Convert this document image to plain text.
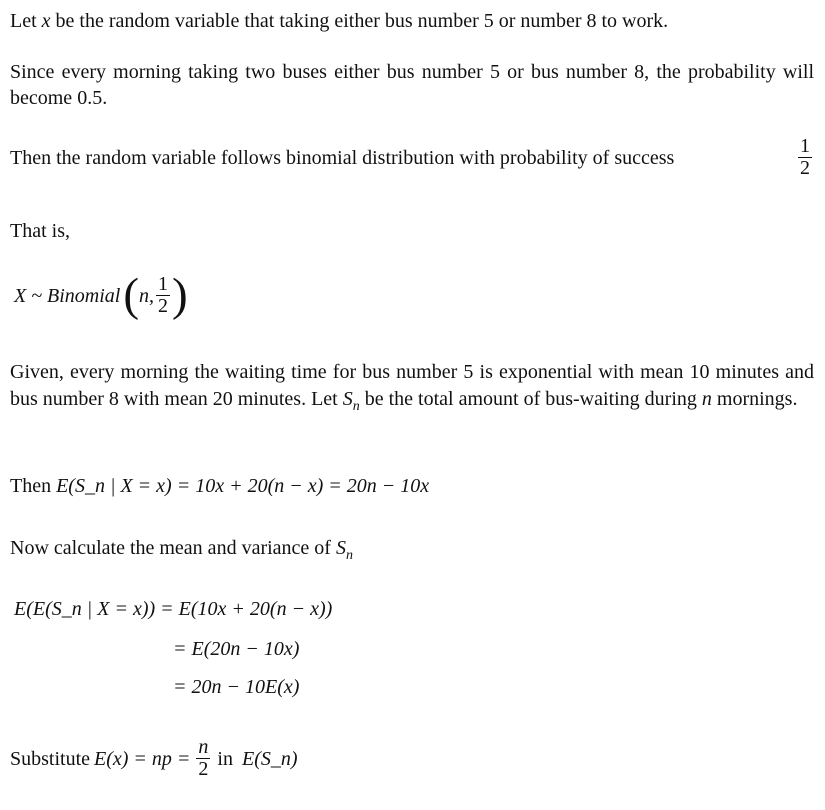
Let x be the random variable that taking either bus number 5 or number 8 to work.

Since every morning taking two buses either bus number 5 or bus number 8, the probability will become 0.5.

Then the random variable follows binomial distribution with probability of success	$\frac{1}{2}$

That is,

X ~ Binomial ( n, $\frac{1}{2}$ )

Given, every morning the waiting time for bus number 5 is exponential with mean 10 minutes and bus number 8 with mean 20 minutes. Let $S_n$ be the total amount of bus-waiting during n mornings.

Then E(S_n | X = x) = 10x + 20(n − x) = 20n − 10x

Now calculate the mean and variance of $S_n$

E(E(S_n | X = x)) = E(10x + 20(n − x))
= E(20n − 10x)
= 20n − 10E(x)
Substitute E(x) = np = $\frac{n}{2}$ in E(S_n)
